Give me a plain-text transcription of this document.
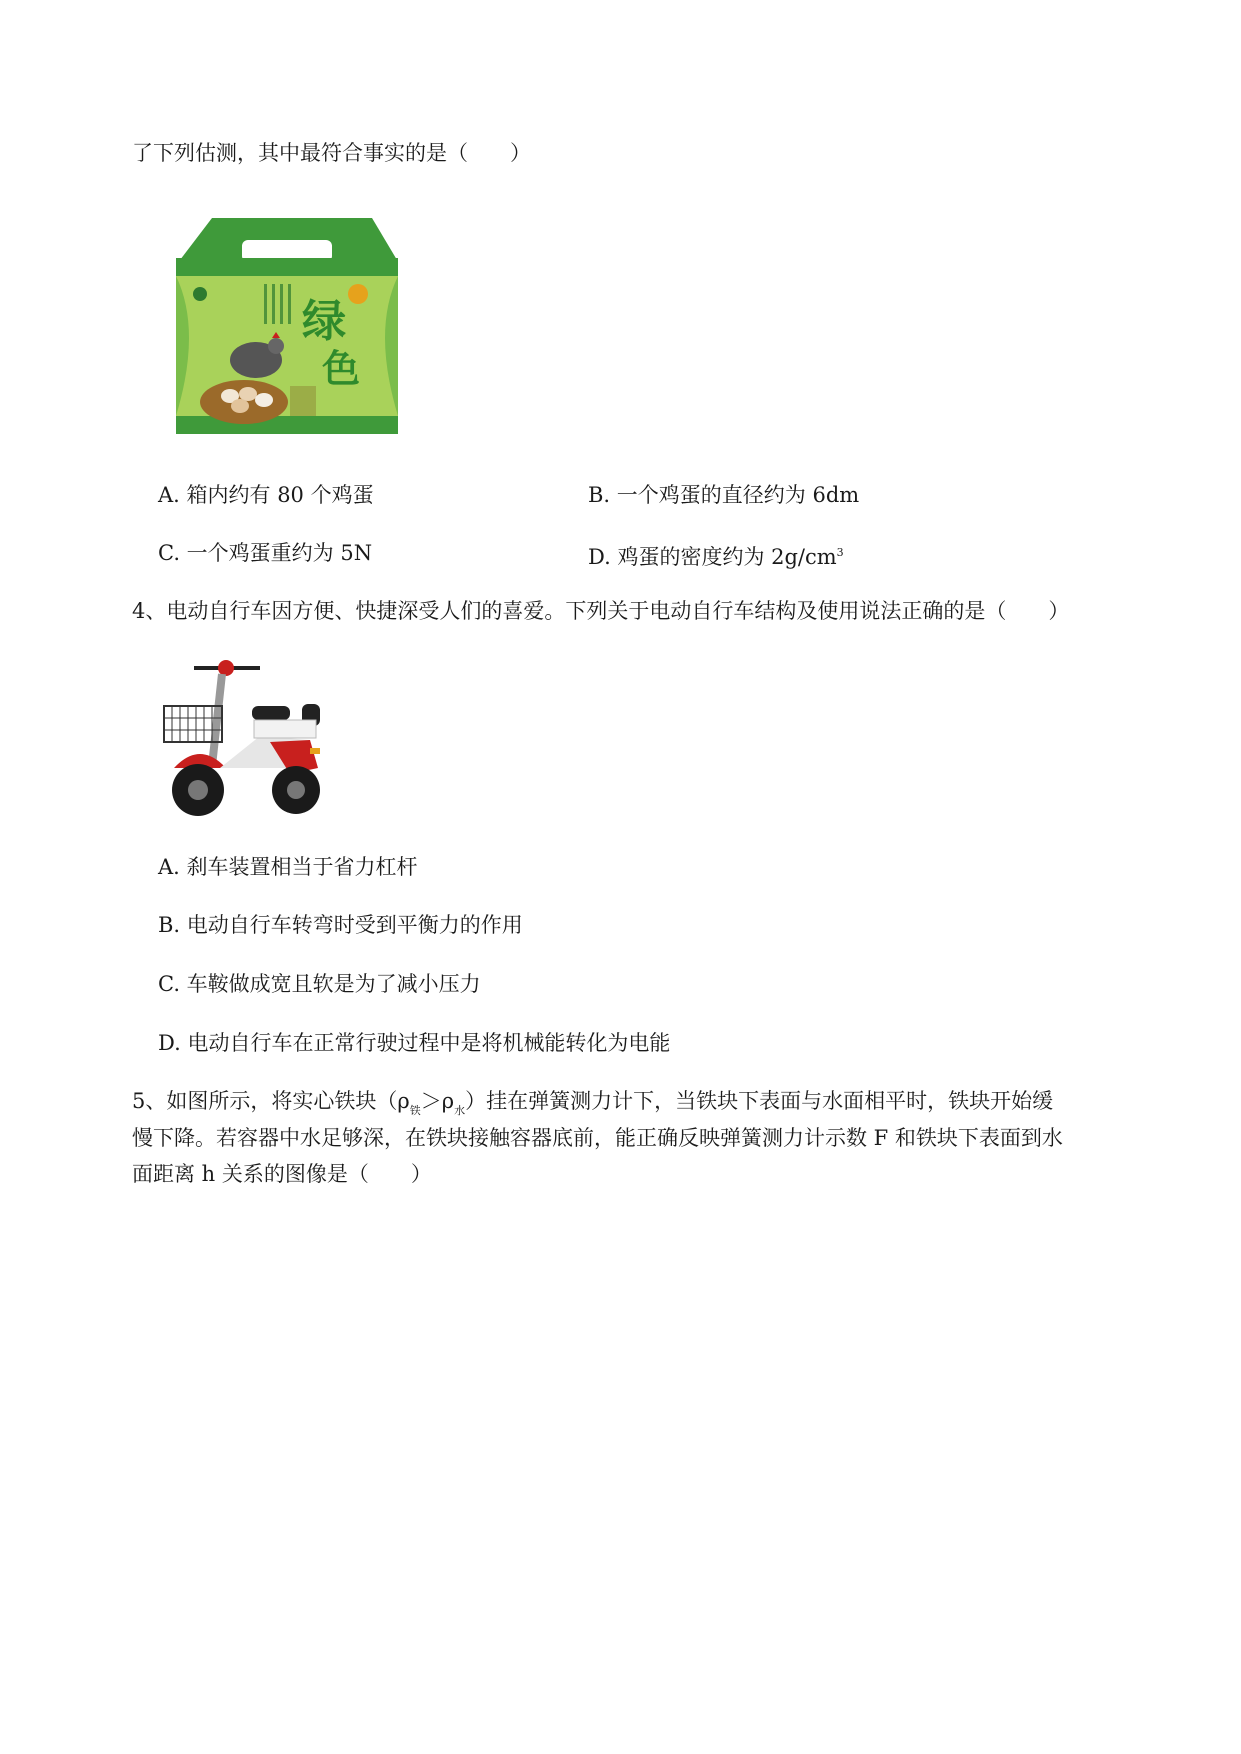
了下列估测，其中最符合事实的是（　　）
绿
色
A. 箱内约有 80 个鸡蛋	B. 一个鸡蛋的直径约为 6dm
C. 一个鸡蛋重约为 5N	D. 鸡蛋的密度约为 $2g/cm^3$
4、电动自行车因方便、快捷深受人们的喜爱。下列关于电动自行车结构及使用说法正确的是（　　）
A. 刹车装置相当于省力杠杆
B. 电动自行车转弯时受到平衡力的作用
C. 车鞍做成宽且软是为了减小压力
D. 电动自行车在正常行驶过程中是将机械能转化为电能
5、如图所示，将实心铁块$(\rho_铁>\rho_水)$挂在弹簧测力计下，当铁块下表面与水面相平时，铁块开始缓
慢下降。若容器中水足够深，在铁块接触容器底前，能正确反映弹簧测力计示数 F 和铁块下表面到水
面距离 h 关系的图像是（　　）
